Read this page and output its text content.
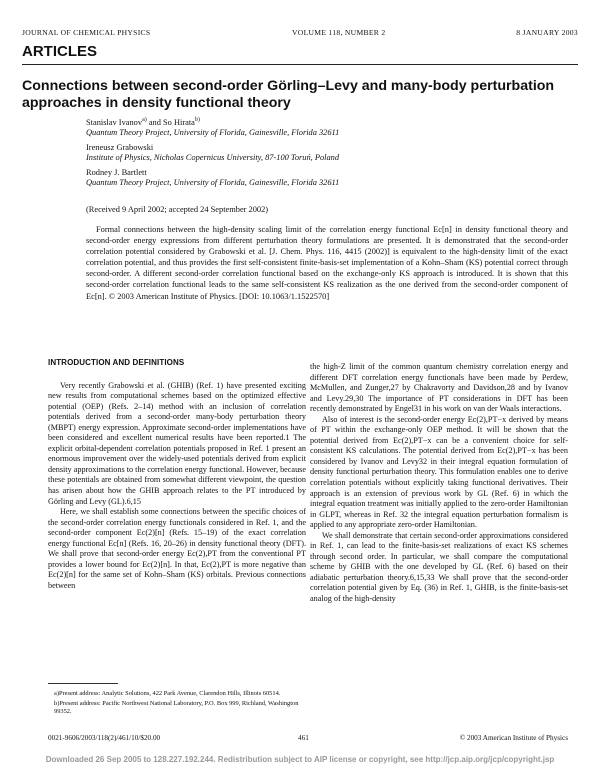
JOURNAL OF CHEMICAL PHYSICS	VOLUME 118, NUMBER 2	8 JANUARY 2003
ARTICLES
Connections between second-order Görling–Levy and many-body perturbation approaches in density functional theory

Stanislav Ivanov$^{a)}$ and So Hirata$^{b)}$

Quantum Theory Project, University of Florida, Gainesville, Florida 32611

Ireneusz Grabowski

Institute of Physics, Nicholas Copernicus University, 87-100 Toruń, Poland

Rodney J. Bartlett

Quantum Theory Project, University of Florida, Gainesville, Florida 32611

(Received 9 April 2002; accepted 24 September 2002)

Formal connections between the high-density scaling limit of the correlation energy functional Ec[n] in density functional theory and second-order energy expressions from different perturbation theory formulations are presented. It is demonstrated that the second-order correlation potential considered by Grabowski et al. [J. Chem. Phys. 116, 4415 (2002)] is equivalent to the high-density limit of the exact correlation potential, and thus provides the first self-consistent finite-basis-set implementation of a Kohn–Sham (KS) potential correct through second-order. A different second-order correlation functional based on the exchange-only KS approach is introduced. It is shown that this second-order correlation functional leads to the same self-consistent KS realization as the one derived from the second-order component of Ec[n]. © 2003 American Institute of Physics. [DOI: 10.1063/1.1522570]

INTRODUCTION AND DEFINITIONS

Very recently Grabowski et al. (GHIB) (Ref. 1) have presented exciting new results from computational schemes based on the optimized effective potential (OEP) (Refs. 2–14) method with an inclusion of correlation potentials derived from a second-order many-body perturbation theory (MBPT) energy expression. Approximate second-order implementations have been considered and excellent numerical results have been reported.1 The explicit orbital-dependent correlation potentials proposed in Ref. 1 present an enormous improvement over the widely-used potentials derived from explicit density approximations to the correlation energy functional. However, because these potentials are obtained from somewhat different viewpoint, the question has arisen about how the GHIB approach relates to the PT introduced by Görling and Levy (GL).6,15

Here, we shall establish some connections between the specific choices of the second-order correlation energy functionals considered in Ref. 1, and the second-order component Ec(2)[n] (Refs. 15–19) of the exact correlation energy functional Ec[n] (Refs. 16, 20–26) in density functional theory (DFT). We shall prove that second-order energy Ec(2),PT from the conventional PT provides a lower bound for Ec(2)[n]. In that, Ec(2),PT is more negative than Ec(2)[n] for the same set of Kohn–Sham (KS) orbitals. Previous connections between

the high-Z limit of the common quantum chemistry correlation energy and different DFT correlation energy functionals have been made by Perdew, McMullen, and Zunger,27 by Chakravorty and Davidson,28 and by Ivanov and Levy.29,30 The importance of PT considerations in DFT has been recently demonstrated by Engel31 in his work on van der Waals interactions.

Also of interest is the second-order energy Ec(2),PT−x derived by means of PT within the exchange-only OEP method. It will be shown that the potential derived from Ec(2),PT−x can be a convenient choice for self-consistent KS calculations. The potential derived from Ec(2),PT−x has been considered by Ivanov and Levy32 in their integral equation formulation of density functional perturbation theory. This formulation enables one to derive correlation potentials without explicitly taking functional derivatives. Their approach is an extension of previous work by GL (Ref. 6) in which the integral equation treatment was initially applied to the zero-order Hamiltonian in GLPT, whereas in Ref. 32 the integral equation perturbation formalism is applied to any appropriate zero-order Hamiltonian.

We shall demonstrate that certain second-order approximations considered in Ref. 1, can lead to the finite-basis-set realizations of exact KS schemes through second order. In particular, we shall compare the computational scheme by GHIB with the one developed by GL (Ref. 6) based on their adiabatic perturbation theory.6,15,33 We shall prove that the second-order correlation potential given by Eq. (36) in Ref. 1, GHIB, is the finite-basis-set analog of the high-density

a)Present address: Analytic Solutions, 422 Park Avenue, Clarendon Hills, Illinois 60514.

b)Present address: Pacific Northwest National Laboratory, P.O. Box 999, Richland, Washington 99352.

0021-9606/2003/118(2)/461/10/$20.00	461	© 2003 American Institute of Physics
Downloaded 26 Sep 2005 to 128.227.192.244. Redistribution subject to AIP license or copyright, see http://jcp.aip.org/jcp/copyright.jsp
